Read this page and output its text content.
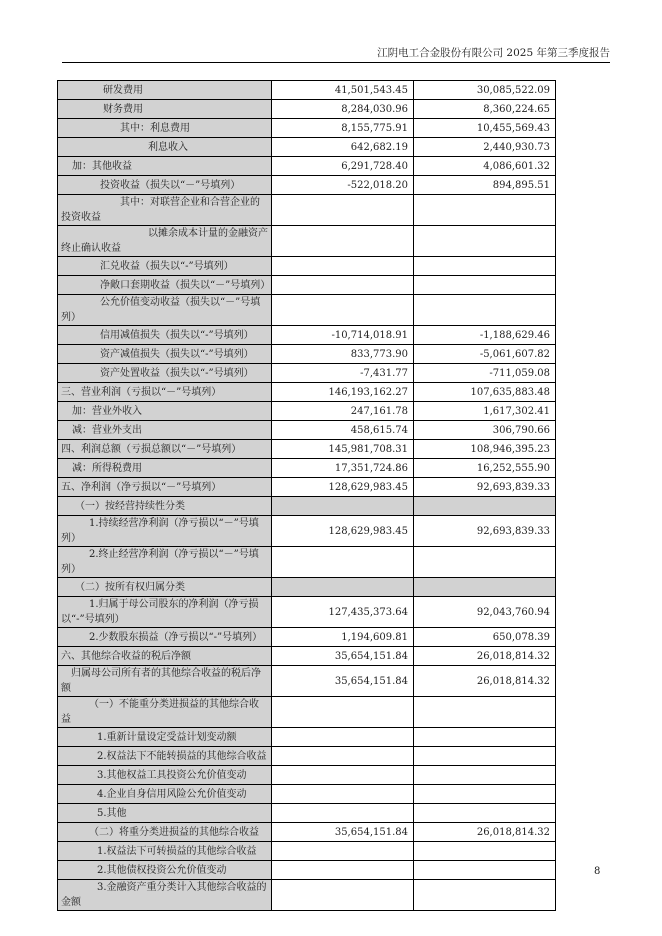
江阴电工合金股份有限公司 2025 年第三季度报告
研发费用	41,501,543.45	30,085,522.09
财务费用	8,284,030.96	8,360,224.65
其中：利息费用	8,155,775.91	10,455,569.43
利息收入	642,682.19	2,440,930.73
加：其他收益	6,291,728.40	4,086,601.32
投资收益（损失以“－”号填列）	-522,018.20	894,895.51
其中：对联营企业和合营企业的投资收益		
以摊余成本计量的金融资产终止确认收益		
汇兑收益（损失以“-”号填列）		
净敞口套期收益（损失以“－”号填列）		
公允价值变动收益（损失以“－”号填列）		
信用减值损失（损失以“-”号填列）	-10,714,018.91	-1,188,629.46
资产减值损失（损失以“-”号填列）	833,773.90	-5,061,607.82
资产处置收益（损失以“-”号填列）	-7,431.77	-711,059.08
三、营业利润（亏损以“－”号填列）	146,193,162.27	107,635,883.48
加：营业外收入	247,161.78	1,617,302.41
减：营业外支出	458,615.74	306,790.66
四、利润总额（亏损总额以“－”号填列）	145,981,708.31	108,946,395.23
减：所得税费用	17,351,724.86	16,252,555.90
五、净利润（净亏损以“－”号填列）	128,629,983.45	92,693,839.33
（一）按经营持续性分类		
1.持续经营净利润（净亏损以“－”号填列）	128,629,983.45	92,693,839.33
2.终止经营净利润（净亏损以“－”号填列）		
（二）按所有权归属分类		
1.归属于母公司股东的净利润（净亏损以“-”号填列）	127,435,373.64	92,043,760.94
2.少数股东损益（净亏损以“-”号填列）	1,194,609.81	650,078.39
六、其他综合收益的税后净额	35,654,151.84	26,018,814.32
归属母公司所有者的其他综合收益的税后净额	35,654,151.84	26,018,814.32
（一）不能重分类进损益的其他综合收益		
1.重新计量设定受益计划变动额		
2.权益法下不能转损益的其他综合收益		
3.其他权益工具投资公允价值变动		
4.企业自身信用风险公允价值变动		
5.其他		
（二）将重分类进损益的其他综合收益	35,654,151.84	26,018,814.32
1.权益法下可转损益的其他综合收益		
2.其他债权投资公允价值变动		
3.金融资产重分类计入其他综合收益的金额		
8
